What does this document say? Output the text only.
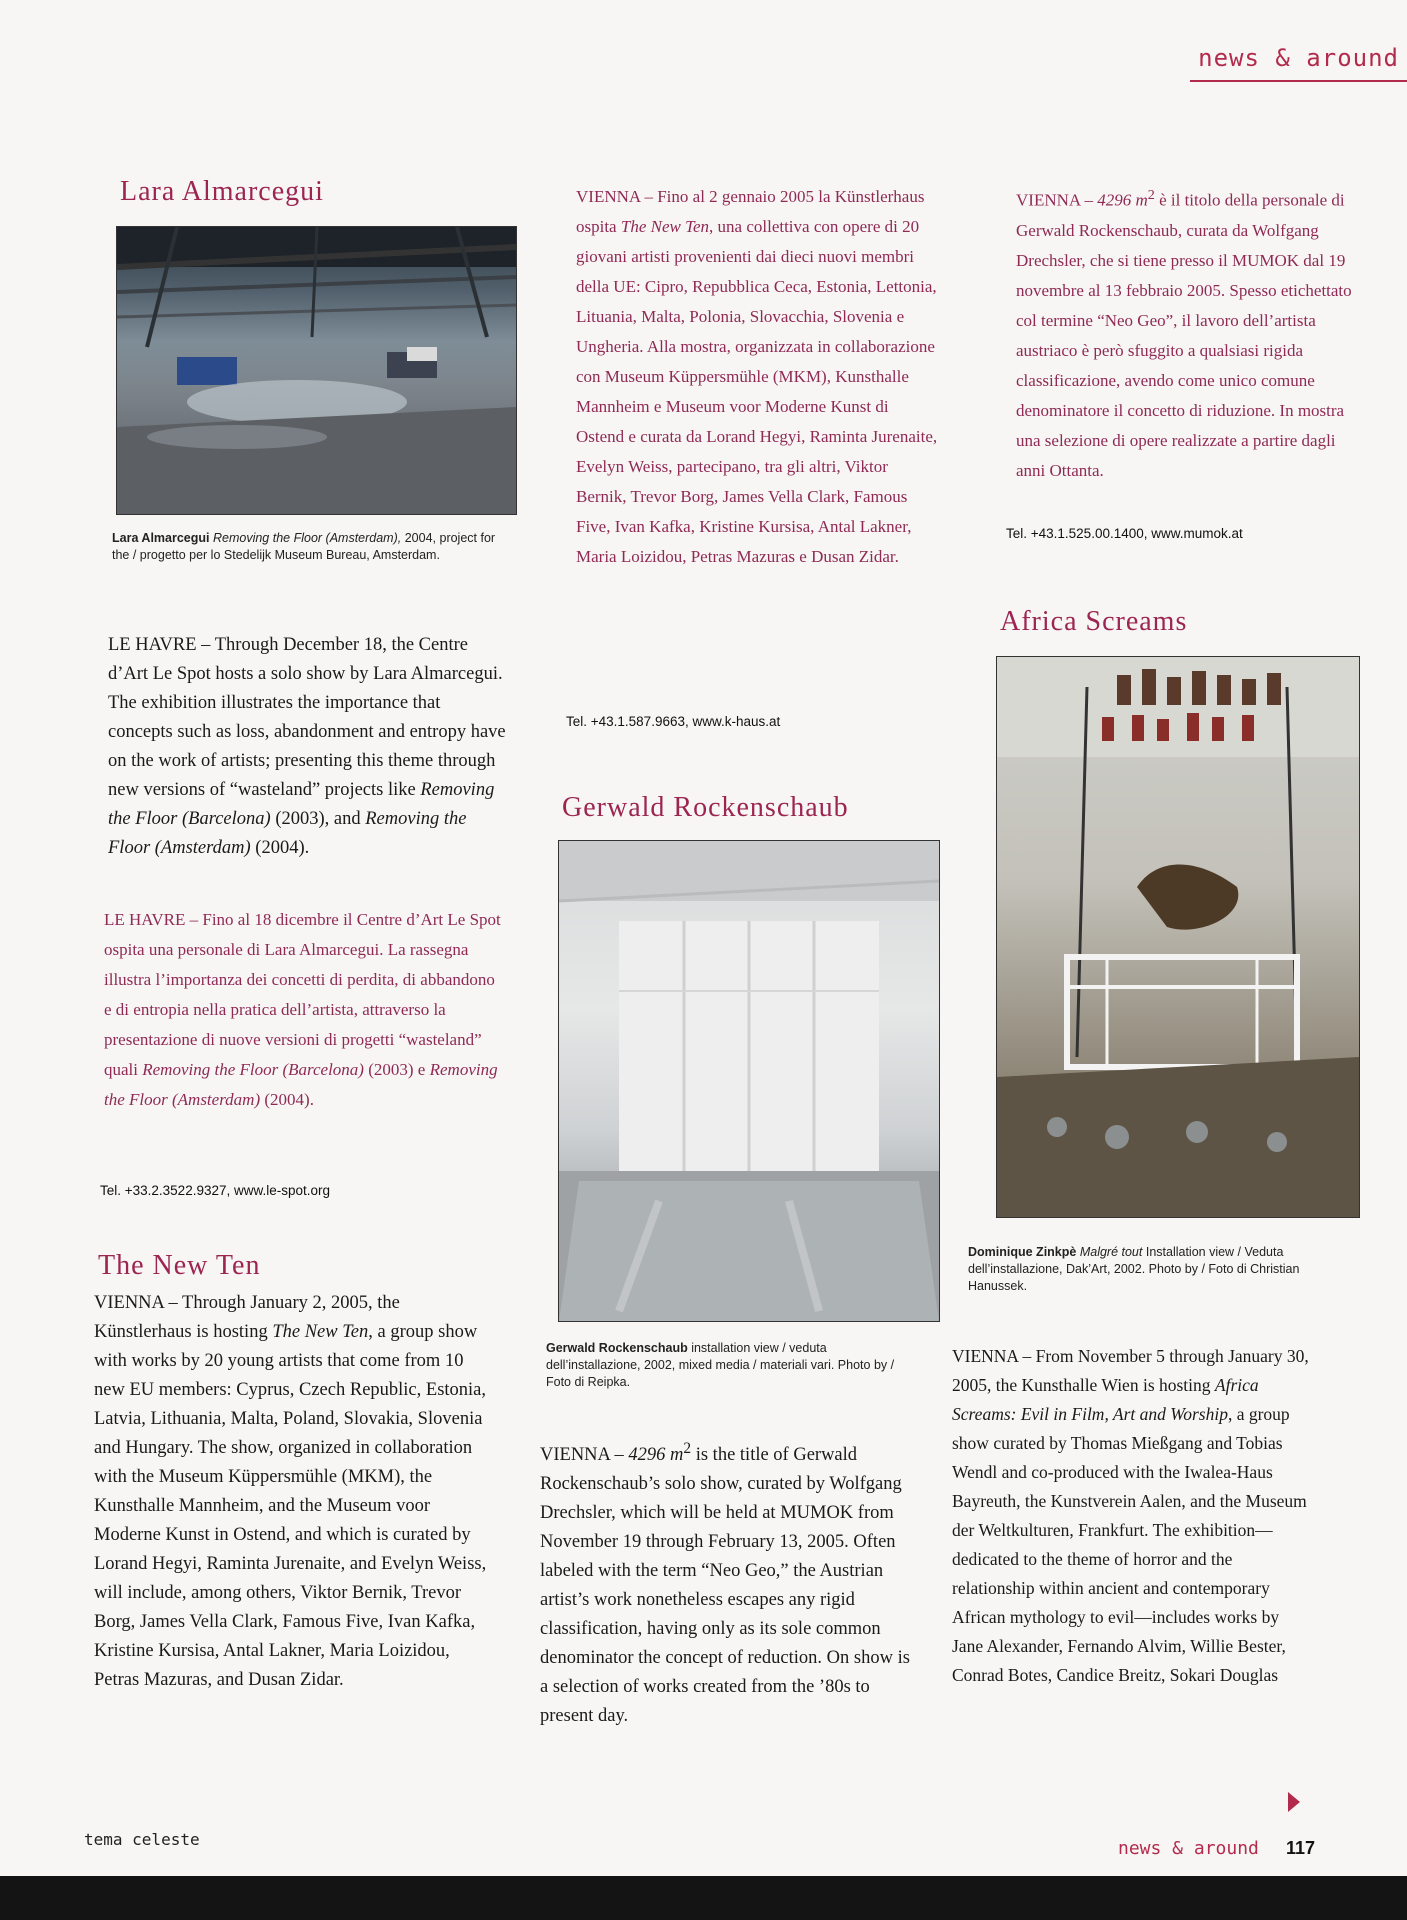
news & around
Lara Almarcegui

Lara Almarcegui Removing the Floor (Amsterdam), 2004, project for the / progetto per lo Stedelijk Museum Bureau, Amsterdam.

LE HAVRE – Through December 18, the Centre d’Art Le Spot hosts a solo show by Lara Almarcegui. The exhibition illustrates the importance that concepts such as loss, abandonment and entropy have on the work of artists; presenting this theme through new versions of “wasteland” projects like Removing the Floor (Barcelona) (2003), and Removing the Floor (Amsterdam) (2004).

LE HAVRE – Fino al 18 dicembre il Centre d’Art Le Spot ospita una personale di Lara Almarcegui. La rassegna illustra l’importanza dei concetti di perdita, di abbandono e di entropia nella pratica dell’artista, attraverso la presentazione di nuove versioni di progetti “wasteland” quali Removing the Floor (Barcelona) (2003) e Removing the Floor (Amsterdam) (2004).

Tel. +33.2.3522.9327, www.le-spot.org

The New Ten

VIENNA – Through January 2, 2005, the Künstlerhaus is hosting The New Ten, a group show with works by 20 young artists that come from 10 new EU members: Cyprus, Czech Republic, Estonia, Latvia, Lithuania, Malta, Poland, Slovakia, Slovenia and Hungary. The show, organized in collaboration with the Museum Küppersmühle (MKM), the Kunsthalle Mannheim, and the Museum voor Moderne Kunst in Ostend, and which is curated by Lorand Hegyi, Raminta Jurenaite, and Evelyn Weiss, will include, among others, Viktor Bernik, Trevor Borg, James Vella Clark, Famous Five, Ivan Kafka, Kristine Kursisa, Antal Lakner, Maria Loizidou, Petras Mazuras, and Dusan Zidar.

VIENNA – Fino al 2 gennaio 2005 la Künstlerhaus ospita The New Ten, una collettiva con opere di 20 giovani artisti provenienti dai dieci nuovi membri della UE: Cipro, Repubblica Ceca, Estonia, Lettonia, Lituania, Malta, Polonia, Slovacchia, Slovenia e Ungheria. Alla mostra, organizzata in collaborazione con Museum Küppersmühle (MKM), Kunsthalle Mannheim e Museum voor Moderne Kunst di Ostend e curata da Lorand Hegyi, Raminta Jurenaite, Evelyn Weiss, partecipano, tra gli altri, Viktor Bernik, Trevor Borg, James Vella Clark, Famous Five, Ivan Kafka, Kristine Kursisa, Antal Lakner, Maria Loizidou, Petras Mazuras e Dusan Zidar.

Tel. +43.1.587.9663, www.k-haus.at

Gerwald Rockenschaub

Gerwald Rockenschaub installation view / veduta dell’installazione, 2002, mixed media / materiali vari. Photo by / Foto di Reipka.

VIENNA – 4296 $m^2$ is the title of Gerwald Rockenschaub’s solo show, curated by Wolfgang Drechsler, which will be held at MUMOK from November 19 through February 13, 2005. Often labeled with the term “Neo Geo,” the Austrian artist’s work nonetheless escapes any rigid classification, having only as its sole common denominator the concept of reduction. On show is a selection of works created from the ’80s to present day.

VIENNA – 4296 $m^2$ è il titolo della personale di Gerwald Rockenschaub, curata da Wolfgang Drechsler, che si tiene presso il MUMOK dal 19 novembre al 13 febbraio 2005. Spesso etichettato col termine “Neo Geo”, il lavoro dell’artista austriaco è però sfuggito a qualsiasi rigida classificazione, avendo come unico comune denominatore il concetto di riduzione. In mostra una selezione di opere realizzate a partire dagli anni Ottanta.

Tel. +43.1.525.00.1400, www.mumok.at

Africa Screams

Dominique Zinkpè Malgré tout Installation view / Veduta dell’installazione, Dak’Art, 2002. Photo by / Foto di Christian Hanussek.

VIENNA – From November 5 through January 30, 2005, the Kunsthalle Wien is hosting Africa Screams: Evil in Film, Art and Worship, a group show curated by Thomas Mießgang and Tobias Wendl and co-produced with the Iwalea-Haus Bayreuth, the Kunstverein Aalen, and the Museum der Weltkulturen, Frankfurt. The exhibition—dedicated to the theme of horror and the relationship within ancient and contemporary African mythology to evil—includes works by Jane Alexander, Fernando Alvim, Willie Bester, Conrad Botes, Candice Breitz, Sokari Douglas

tema celeste	news & around 117
